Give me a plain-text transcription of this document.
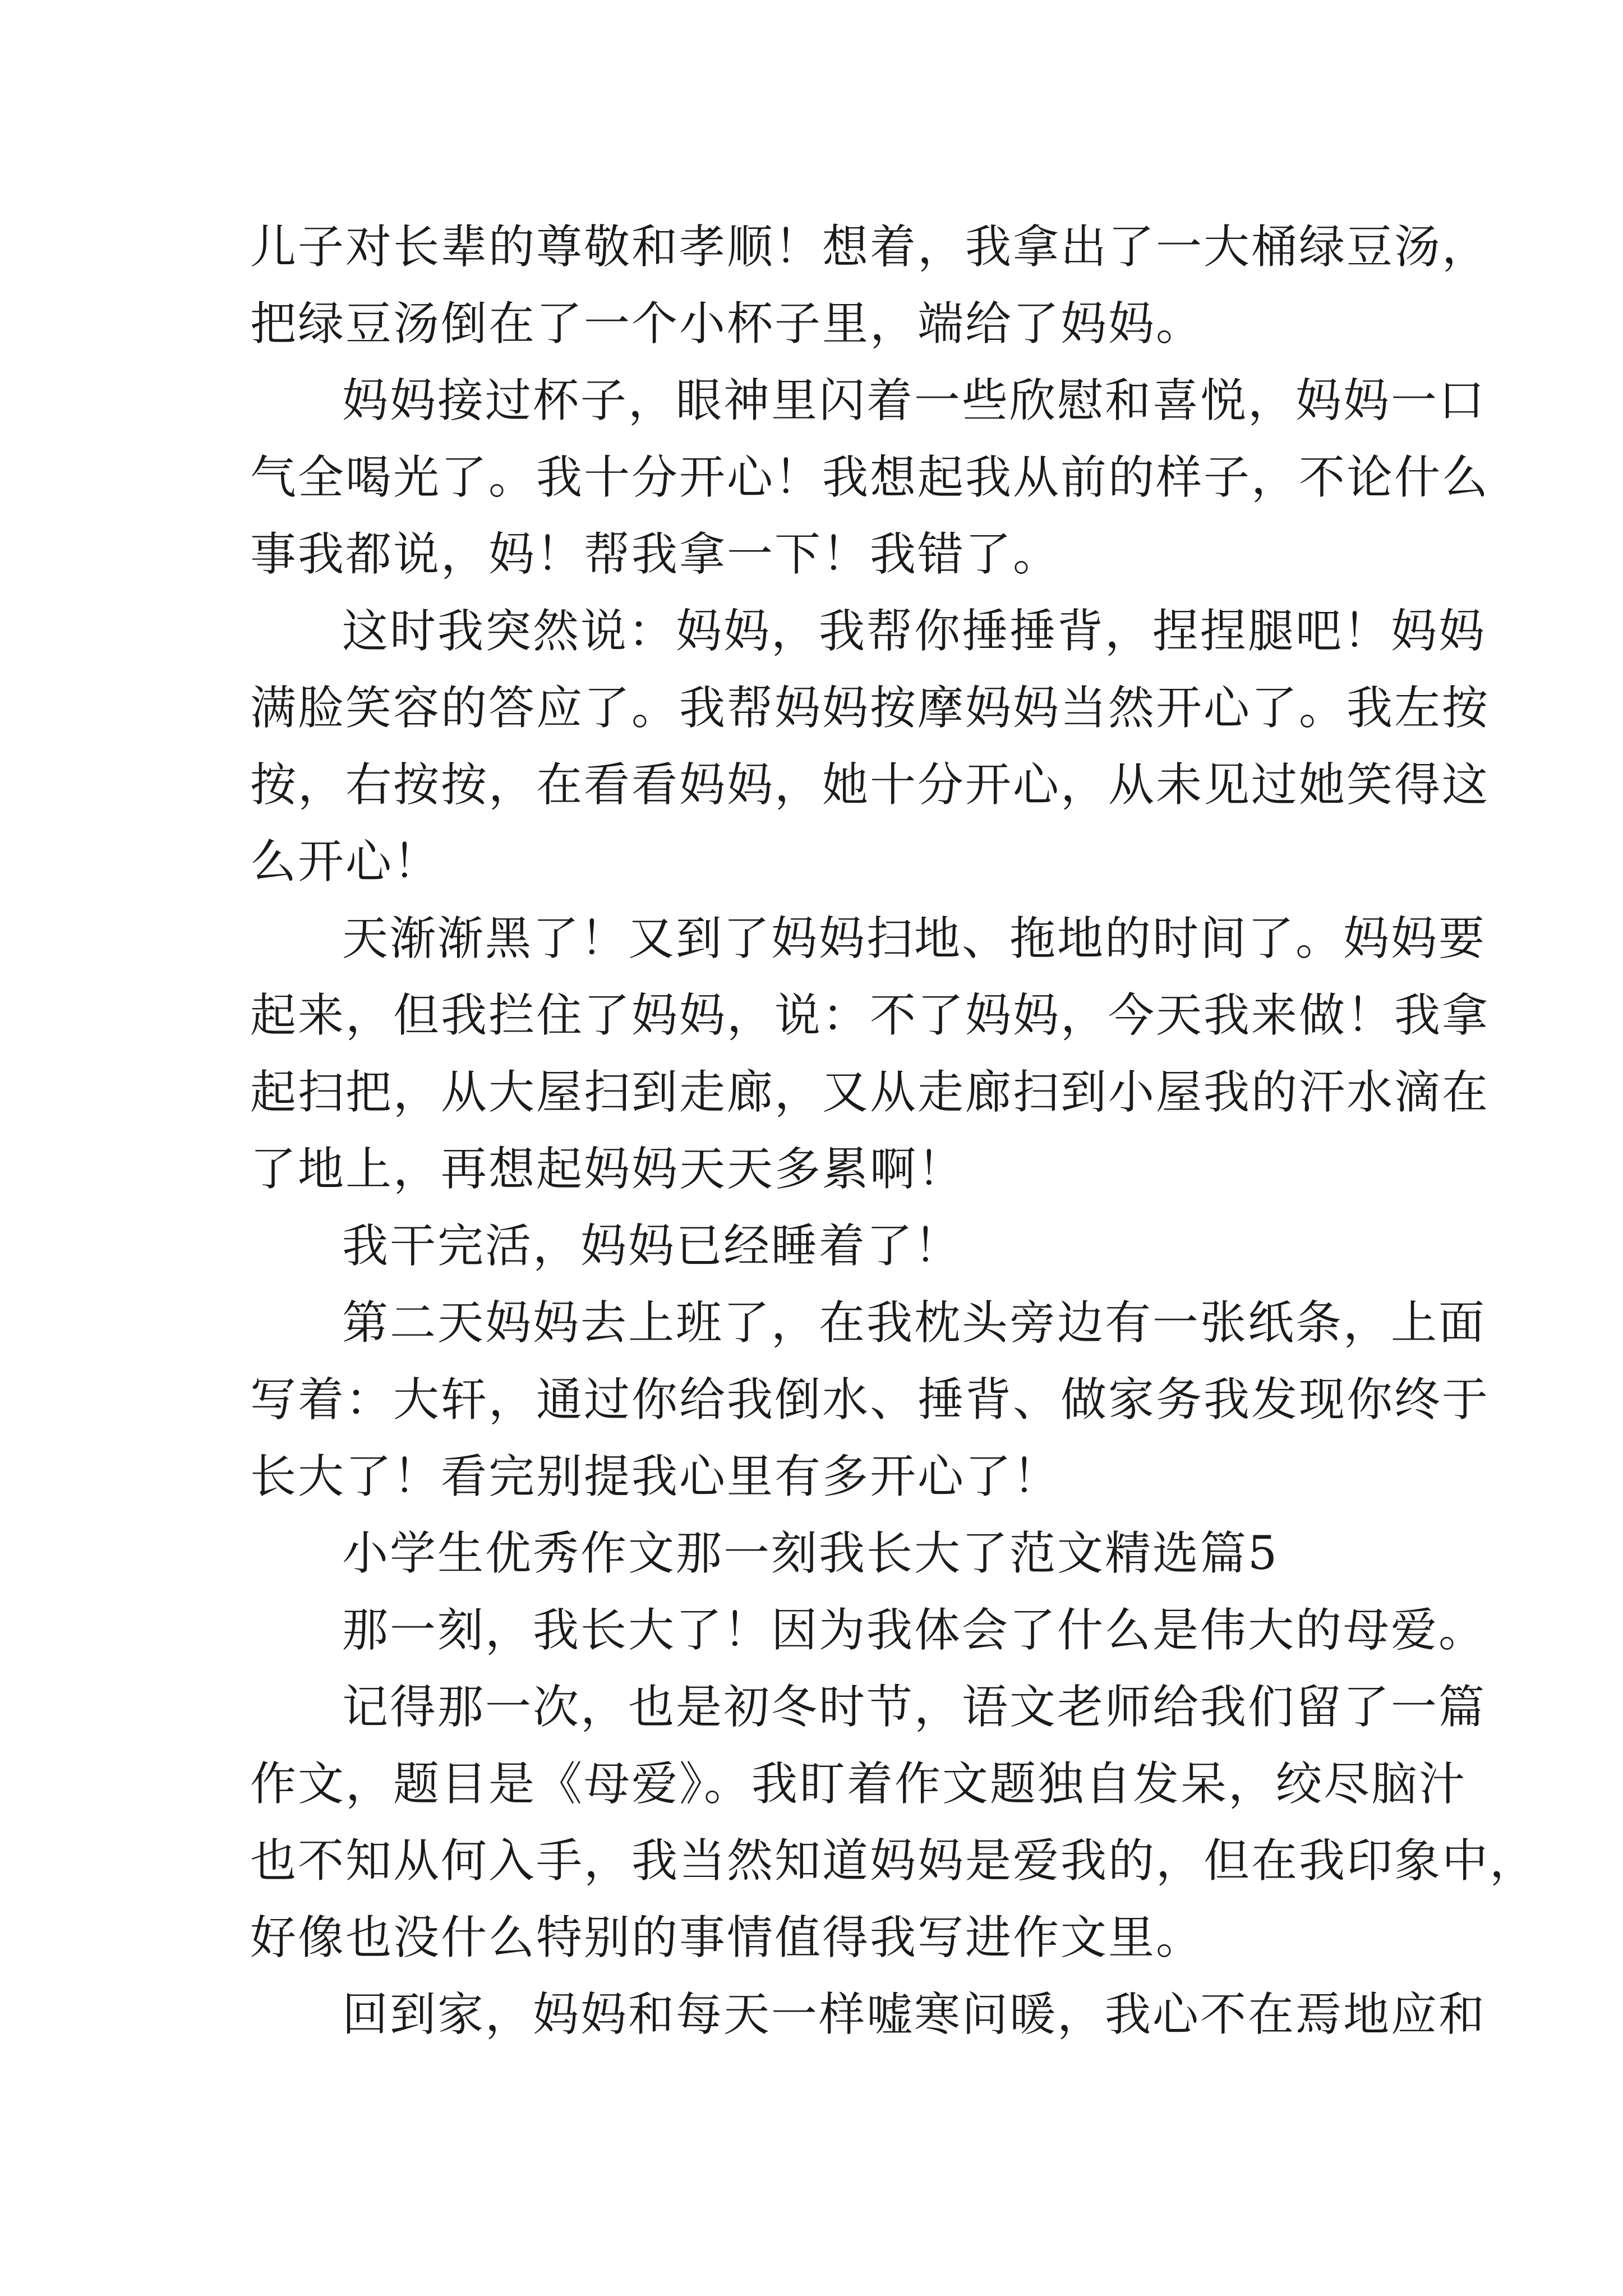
儿子对长辈的尊敬和孝顺！想着，我拿出了一大桶绿豆汤，
把绿豆汤倒在了一个小杯子里，端给了妈妈。
妈妈接过杯子，眼神里闪着一些欣慰和喜悦，妈妈一口
气全喝光了。我十分开心！我想起我从前的样子，不论什么
事我都说，妈！帮我拿一下！我错了。
这时我突然说：妈妈，我帮你捶捶背，捏捏腿吧！妈妈
满脸笑容的答应了。我帮妈妈按摩妈妈当然开心了。我左按
按，右按按，在看看妈妈，她十分开心，从未见过她笑得这
么开心！
天渐渐黑了！又到了妈妈扫地、拖地的时间了。妈妈要
起来，但我拦住了妈妈，说：不了妈妈，今天我来做！我拿
起扫把，从大屋扫到走廊，又从走廊扫到小屋我的汗水滴在
了地上，再想起妈妈天天多累啊！
我干完活，妈妈已经睡着了！
第二天妈妈去上班了，在我枕头旁边有一张纸条，上面
写着：大轩，通过你给我倒水、捶背、做家务我发现你终于
长大了！看完别提我心里有多开心了！
小学生优秀作文那一刻我长大了范文精选篇5
那一刻，我长大了！因为我体会了什么是伟大的母爱。
记得那一次，也是初冬时节，语文老师给我们留了一篇
作文，题目是《母爱》。我盯着作文题独自发呆，绞尽脑汁
也不知从何入手，我当然知道妈妈是爱我的，但在我印象中，
好像也没什么特别的事情值得我写进作文里。
回到家，妈妈和每天一样嘘寒问暖，我心不在焉地应和
